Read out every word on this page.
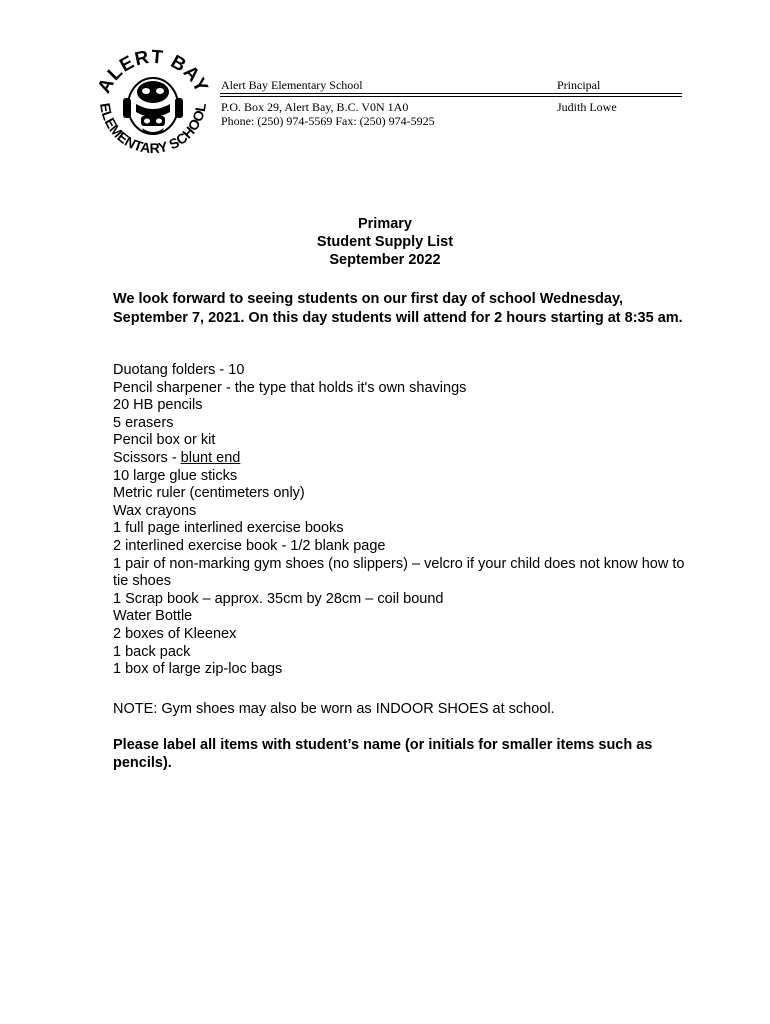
ALERT BAY
ELEMENTARY SCHOOL
Alert Bay Elementary School	Principal
P.O. Box 29, Alert Bay, B.C. V0N 1A0	Judith Lowe
Phone: (250) 974-5569 Fax: (250) 974-5925
Primary
Student Supply List
September 2022
We look forward to seeing students on our first day of school Wednesday, September 7, 2021. On this day students will attend for 2 hours starting at 8:35 am.
Duotang folders - 10
Pencil sharpener - the type that holds it's own shavings
20 HB pencils
5 erasers
Pencil box or kit
Scissors - blunt end
10 large glue sticks
Metric ruler (centimeters only)
Wax crayons
1 full page interlined exercise books
2 interlined exercise book - 1/2 blank page
1 pair of non-marking gym shoes (no slippers) – velcro if your child does not know how to tie shoes
1 Scrap book – approx. 35cm by 28cm – coil bound
Water Bottle
2 boxes of Kleenex
1 back pack
1 box of large zip-loc bags
NOTE: Gym shoes may also be worn as INDOOR SHOES at school.
Please label all items with student’s name (or initials for smaller items such as pencils).
